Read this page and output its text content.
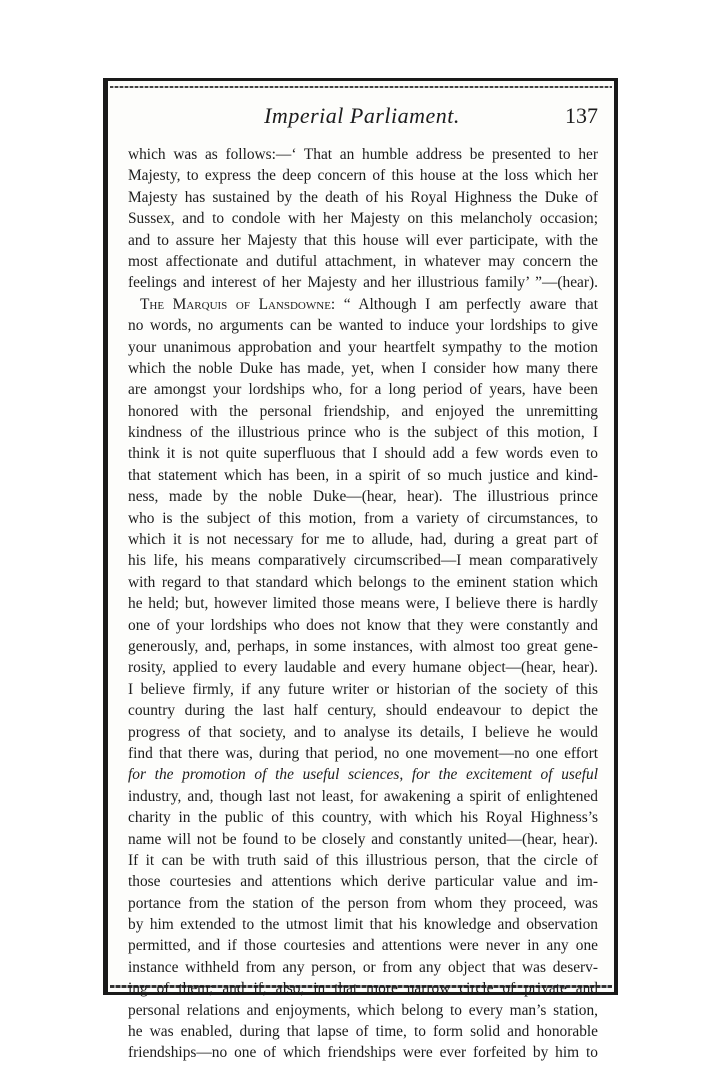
Imperial Parliament.	137
which was as follows:—‘ That an humble address be presented to her
Majesty, to express the deep concern of this house at the loss which her
Majesty has sustained by the death of his Royal Highness the Duke of
Sussex, and to condole with her Majesty on this melancholy occasion;
and to assure her Majesty that this house will ever participate, with the
most affectionate and dutiful attachment, in whatever may concern the
feelings and interest of her Majesty and her illustrious family’ ”—(hear).
The Marquis of Lansdowne: “ Although I am perfectly aware that
no words, no arguments can be wanted to induce your lordships to give
your unanimous approbation and your heartfelt sympathy to the motion
which the noble Duke has made, yet, when I consider how many there
are amongst your lordships who, for a long period of years, have been
honored with the personal friendship, and enjoyed the unremitting
kindness of the illustrious prince who is the subject of this motion, I
think it is not quite superfluous that I should add a few words even to
that statement which has been, in a spirit of so much justice and kind-
ness, made by the noble Duke—(hear, hear). The illustrious prince
who is the subject of this motion, from a variety of circumstances, to
which it is not necessary for me to allude, had, during a great part of
his life, his means comparatively circumscribed—I mean comparatively
with regard to that standard which belongs to the eminent station which
he held; but, however limited those means were, I believe there is hardly
one of your lordships who does not know that they were constantly and
generously, and, perhaps, in some instances, with almost too great gene-
rosity, applied to every laudable and every humane object—(hear, hear).
I believe firmly, if any future writer or historian of the society of this
country during the last half century, should endeavour to depict the
progress of that society, and to analyse its details, I believe he would
find that there was, during that period, no one movement—no one effort
for the promotion of the useful sciences, for the excitement of useful
industry, and, though last not least, for awakening a spirit of enlightened
charity in the public of this country, with which his Royal Highness’s
name will not be found to be closely and constantly united—(hear, hear).
If it can be with truth said of this illustrious person, that the circle of
those courtesies and attentions which derive particular value and im-
portance from the station of the person from whom they proceed, was
by him extended to the utmost limit that his knowledge and observation
permitted, and if those courtesies and attentions were never in any one
instance withheld from any person, or from any object that was deserv-
ing of them; and if, also, in that more narrow circle of private and
personal relations and enjoyments, which belong to every man’s station,
he was enabled, during that lapse of time, to form solid and honorable
friendships—no one of which friendships were ever forfeited by him to
